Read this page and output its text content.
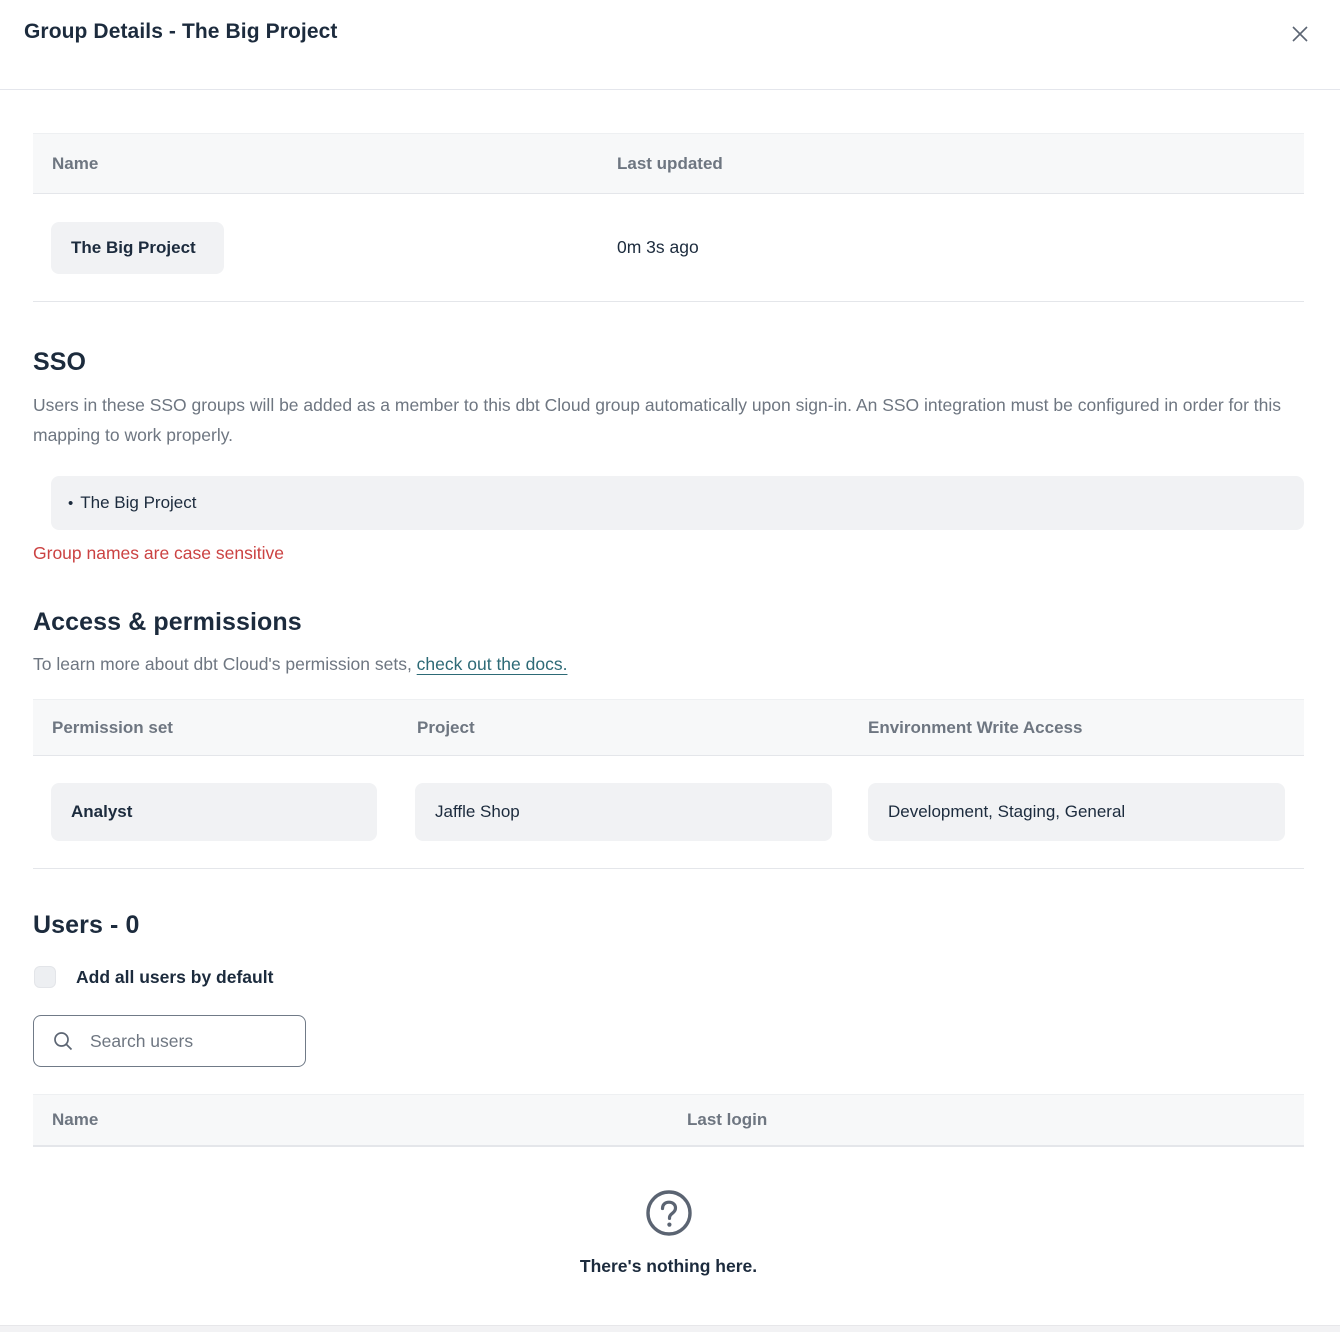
Group Details - The Big Project
Name	Last updated
The Big Project	0m 3s ago
SSO
Users in these SSO groups will be added as a member to this dbt Cloud group automatically upon sign-in. An SSO integration must be configured in order for this mapping to work properly.
• The Big Project
Group names are case sensitive
Access & permissions
To learn more about dbt Cloud's permission sets, check out the docs.
Permission set	Project	Environment Write Access
Analyst	Jaffle Shop	Development, Staging, General
Users - 0
Add all users by default
Search users
Name	Last login
There's nothing here.
